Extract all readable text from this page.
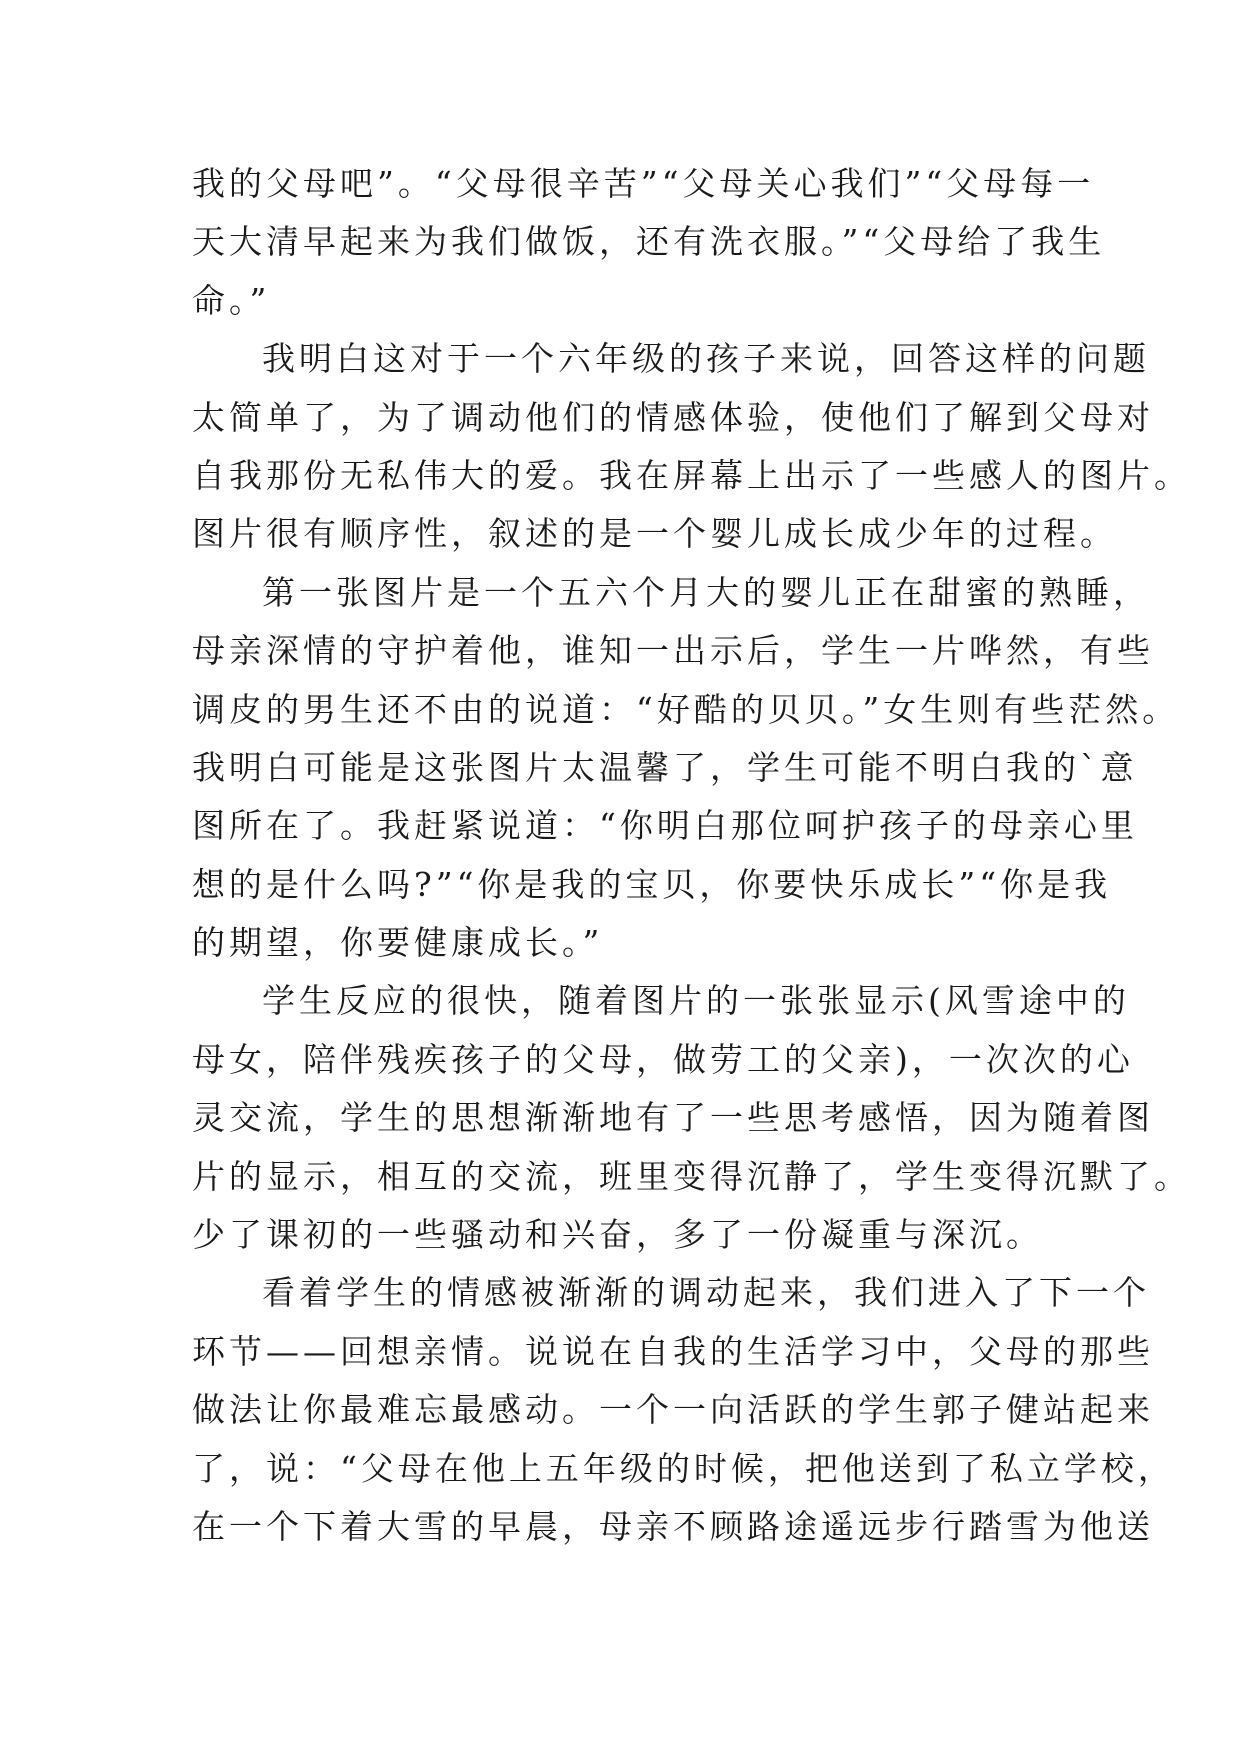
我的父母吧”。“父母很辛苦”“父母关心我们”“父母每一
天大清早起来为我们做饭，还有洗衣服。”“父母给了我生
命。”
我明白这对于一个六年级的孩子来说，回答这样的问题
太简单了，为了调动他们的情感体验，使他们了解到父母对
自我那份无私伟大的爱。我在屏幕上出示了一些感人的图片。
图片很有顺序性，叙述的是一个婴儿成长成少年的过程。
第一张图片是一个五六个月大的婴儿正在甜蜜的熟睡，
母亲深情的守护着他，谁知一出示后，学生一片哗然，有些
调皮的男生还不由的说道：“好酷的贝贝。”女生则有些茫然。
我明白可能是这张图片太温馨了，学生可能不明白我的`意
图所在了。我赶紧说道：“你明白那位呵护孩子的母亲心里
想的是什么吗?”“你是我的宝贝，你要快乐成长”“你是我
的期望，你要健康成长。”
学生反应的很快，随着图片的一张张显示(风雪途中的
母女，陪伴残疾孩子的父母，做劳工的父亲)，一次次的心
灵交流，学生的思想渐渐地有了一些思考感悟，因为随着图
片的显示，相互的交流，班里变得沉静了，学生变得沉默了。
少了课初的一些骚动和兴奋，多了一份凝重与深沉。
看着学生的情感被渐渐的调动起来，我们进入了下一个
环节——回想亲情。说说在自我的生活学习中，父母的那些
做法让你最难忘最感动。一个一向活跃的学生郭子健站起来
了，说：“父母在他上五年级的时候，把他送到了私立学校，
在一个下着大雪的早晨，母亲不顾路途遥远步行踏雪为他送
